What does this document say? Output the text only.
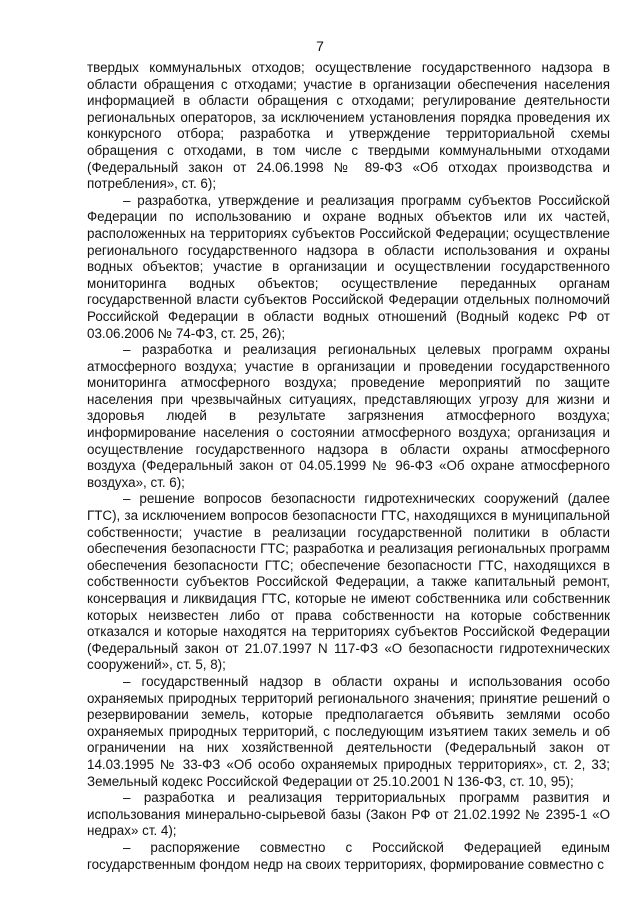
7

твердых коммунальных отходов; осуществление государственного надзора в области обращения с отходами; участие в организации обеспечения населения информацией в области обращения с отходами; регулирование деятельности региональных операторов, за исключением установления порядка проведения их конкурсного отбора; разработка и утверждение территориальной схемы обращения с отходами, в том числе с твердыми коммунальными отходами (Федеральный закон от 24.06.1998 № 89-ФЗ «Об отходах производства и потребления», ст. 6);

– разработка, утверждение и реализация программ субъектов Российской Федерации по использованию и охране водных объектов или их частей, расположенных на территориях субъектов Российской Федерации; осуществление регионального государственного надзора в области использования и охраны водных объектов; участие в организации и осуществлении государственного мониторинга водных объектов; осуществление переданных органам государственной власти субъектов Российской Федерации отдельных полномочий Российской Федерации в области водных отношений (Водный кодекс РФ от 03.06.2006 № 74-ФЗ, ст. 25, 26);

– разработка и реализация региональных целевых программ охраны атмосферного воздуха; участие в организации и проведении государственного мониторинга атмосферного воздуха; проведение мероприятий по защите населения при чрезвычайных ситуациях, представляющих угрозу для жизни и здоровья людей в результате загрязнения атмосферного воздуха; информирование населения о состоянии атмосферного воздуха; организация и осуществление государственного надзора в области охраны атмосферного воздуха (Федеральный закон от 04.05.1999 № 96-ФЗ «Об охране атмосферного воздуха», ст. 6);

– решение вопросов безопасности гидротехнических сооружений (далее ГТС), за исключением вопросов безопасности ГТС, находящихся в муниципальной собственности; участие в реализации государственной политики в области обеспечения безопасности ГТС; разработка и реализация региональных программ обеспечения безопасности ГТС; обеспечение безопасности ГТС, находящихся в собственности субъектов Российской Федерации, а также капитальный ремонт, консервация и ликвидация ГТС, которые не имеют собственника или собственник которых неизвестен либо от права собственности на которые собственник отказался и которые находятся на территориях субъектов Российской Федерации (Федеральный закон от 21.07.1997 N 117-ФЗ «О безопасности гидротехнических сооружений», ст. 5, 8);

– государственный надзор в области охраны и использования особо охраняемых природных территорий регионального значения; принятие решений о резервировании земель, которые предполагается объявить землями особо охраняемых природных территорий, с последующим изъятием таких земель и об ограничении на них хозяйственной деятельности (Федеральный закон от 14.03.1995 № 33-ФЗ «Об особо охраняемых природных территориях», ст. 2, 33; Земельный кодекс Российской Федерации от 25.10.2001 N 136-ФЗ, ст. 10, 95);

– разработка и реализация территориальных программ развития и использования минерально-сырьевой базы (Закон РФ от 21.02.1992 № 2395-1 «О недрах» ст. 4);

– распоряжение совместно с Российской Федерацией единым государственным фондом недр на своих территориях, формирование совместно с
